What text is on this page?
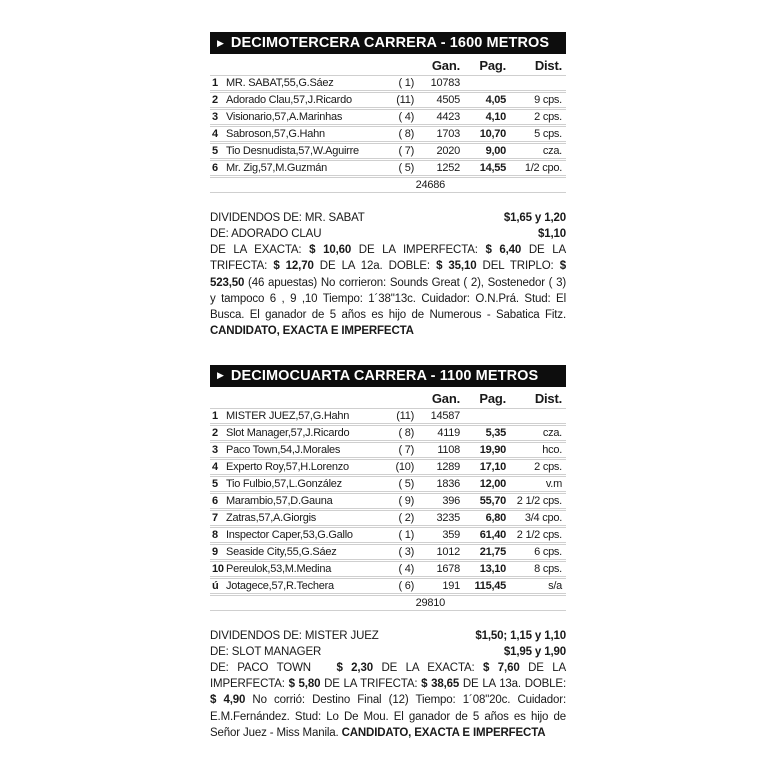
▶ DECIMOTERCERA CARRERA - 1600 METROS
Gan.	Pag.	Dist.
1 MR. SABAT,55,G.Sáez	( 1)	10783
2 Adorado Clau,57,J.Ricardo	(11)	4505	4,05	9 cps.
3 Visionario,57,A.Marinhas	( 4)	4423	4,10	2 cps.
4 Sabroson,57,G.Hahn	( 8)	1703	10,70	5 cps.
5 Tio Desnudista,57,W.Aguirre	( 7)	2020	9,00	cza.
6 Mr. Zig,57,M.Guzmán	( 5)	1252	14,55	1/2 cpo.
24686
DIVIDENDOS DE: MR. SABAT	$1,65 y 1,20
DE: ADORADO CLAU	$1,10

DE LA EXACTA: $ 10,60 DE LA IMPERFECTA: $ 6,40 DE LA TRIFECTA: $ 12,70 DE LA 12a. DOBLE: $ 35,10 DEL TRIPLO: $ 523,50 (46 apuestas) No corrieron: Sounds Great ( 2), Sostenedor ( 3) y tampoco 6 , 9 ,10 Tiempo: 1´38"13c. Cuidador: O.N.Prá. Stud: El Busca. El ganador de 5 años es hijo de Numerous - Sabatica Fitz. CANDIDATO, EXACTA E IMPERFECTA

▶ DECIMOCUARTA CARRERA - 1100 METROS
Gan.	Pag.	Dist.
1 MISTER JUEZ,57,G.Hahn	(11)	14587
2 Slot Manager,57,J.Ricardo	( 8)	4119	5,35	cza.
3 Paco Town,54,J.Morales	( 7)	1108	19,90	hco.
4 Experto Roy,57,H.Lorenzo	(10)	1289	17,10	2 cps.
5 Tio Fulbio,57,L.González	( 5)	1836	12,00	v.m
6 Marambio,57,D.Gauna	( 9)	396	55,70 2 1/2 cps.
7 Zatras,57,A.Giorgis	( 2)	3235	6,80	3/4 cpo.
8 Inspector Caper,53,G.Gallo	( 1)	359	61,40 2 1/2 cps.
9 Seaside City,55,G.Sáez	( 3)	1012	21,75	6 cps.
10 Pereulok,53,M.Medina	( 4)	1678	13,10	8 cps.
ú Jotagece,57,R.Techera	( 6)	191	115,45	s/a
29810
DIVIDENDOS DE: MISTER JUEZ	$1,50; 1,15 y 1,10
DE: SLOT MANAGER	$1,95 y 1,90

DE: PACO TOWN   $ 2,30 DE LA EXACTA: $ 7,60 DE LA IMPERFECTA: $ 5,80 DE LA TRIFECTA: $ 38,65 DE LA 13a. DOBLE: $ 4,90 No corrió: Destino Final (12) Tiempo: 1´08"20c. Cuidador: E.M.Fernández. Stud: Lo De Mou. El ganador de 5 años es hijo de Señor Juez - Miss Manila. CANDIDATO, EXACTA E IMPERFECTA
